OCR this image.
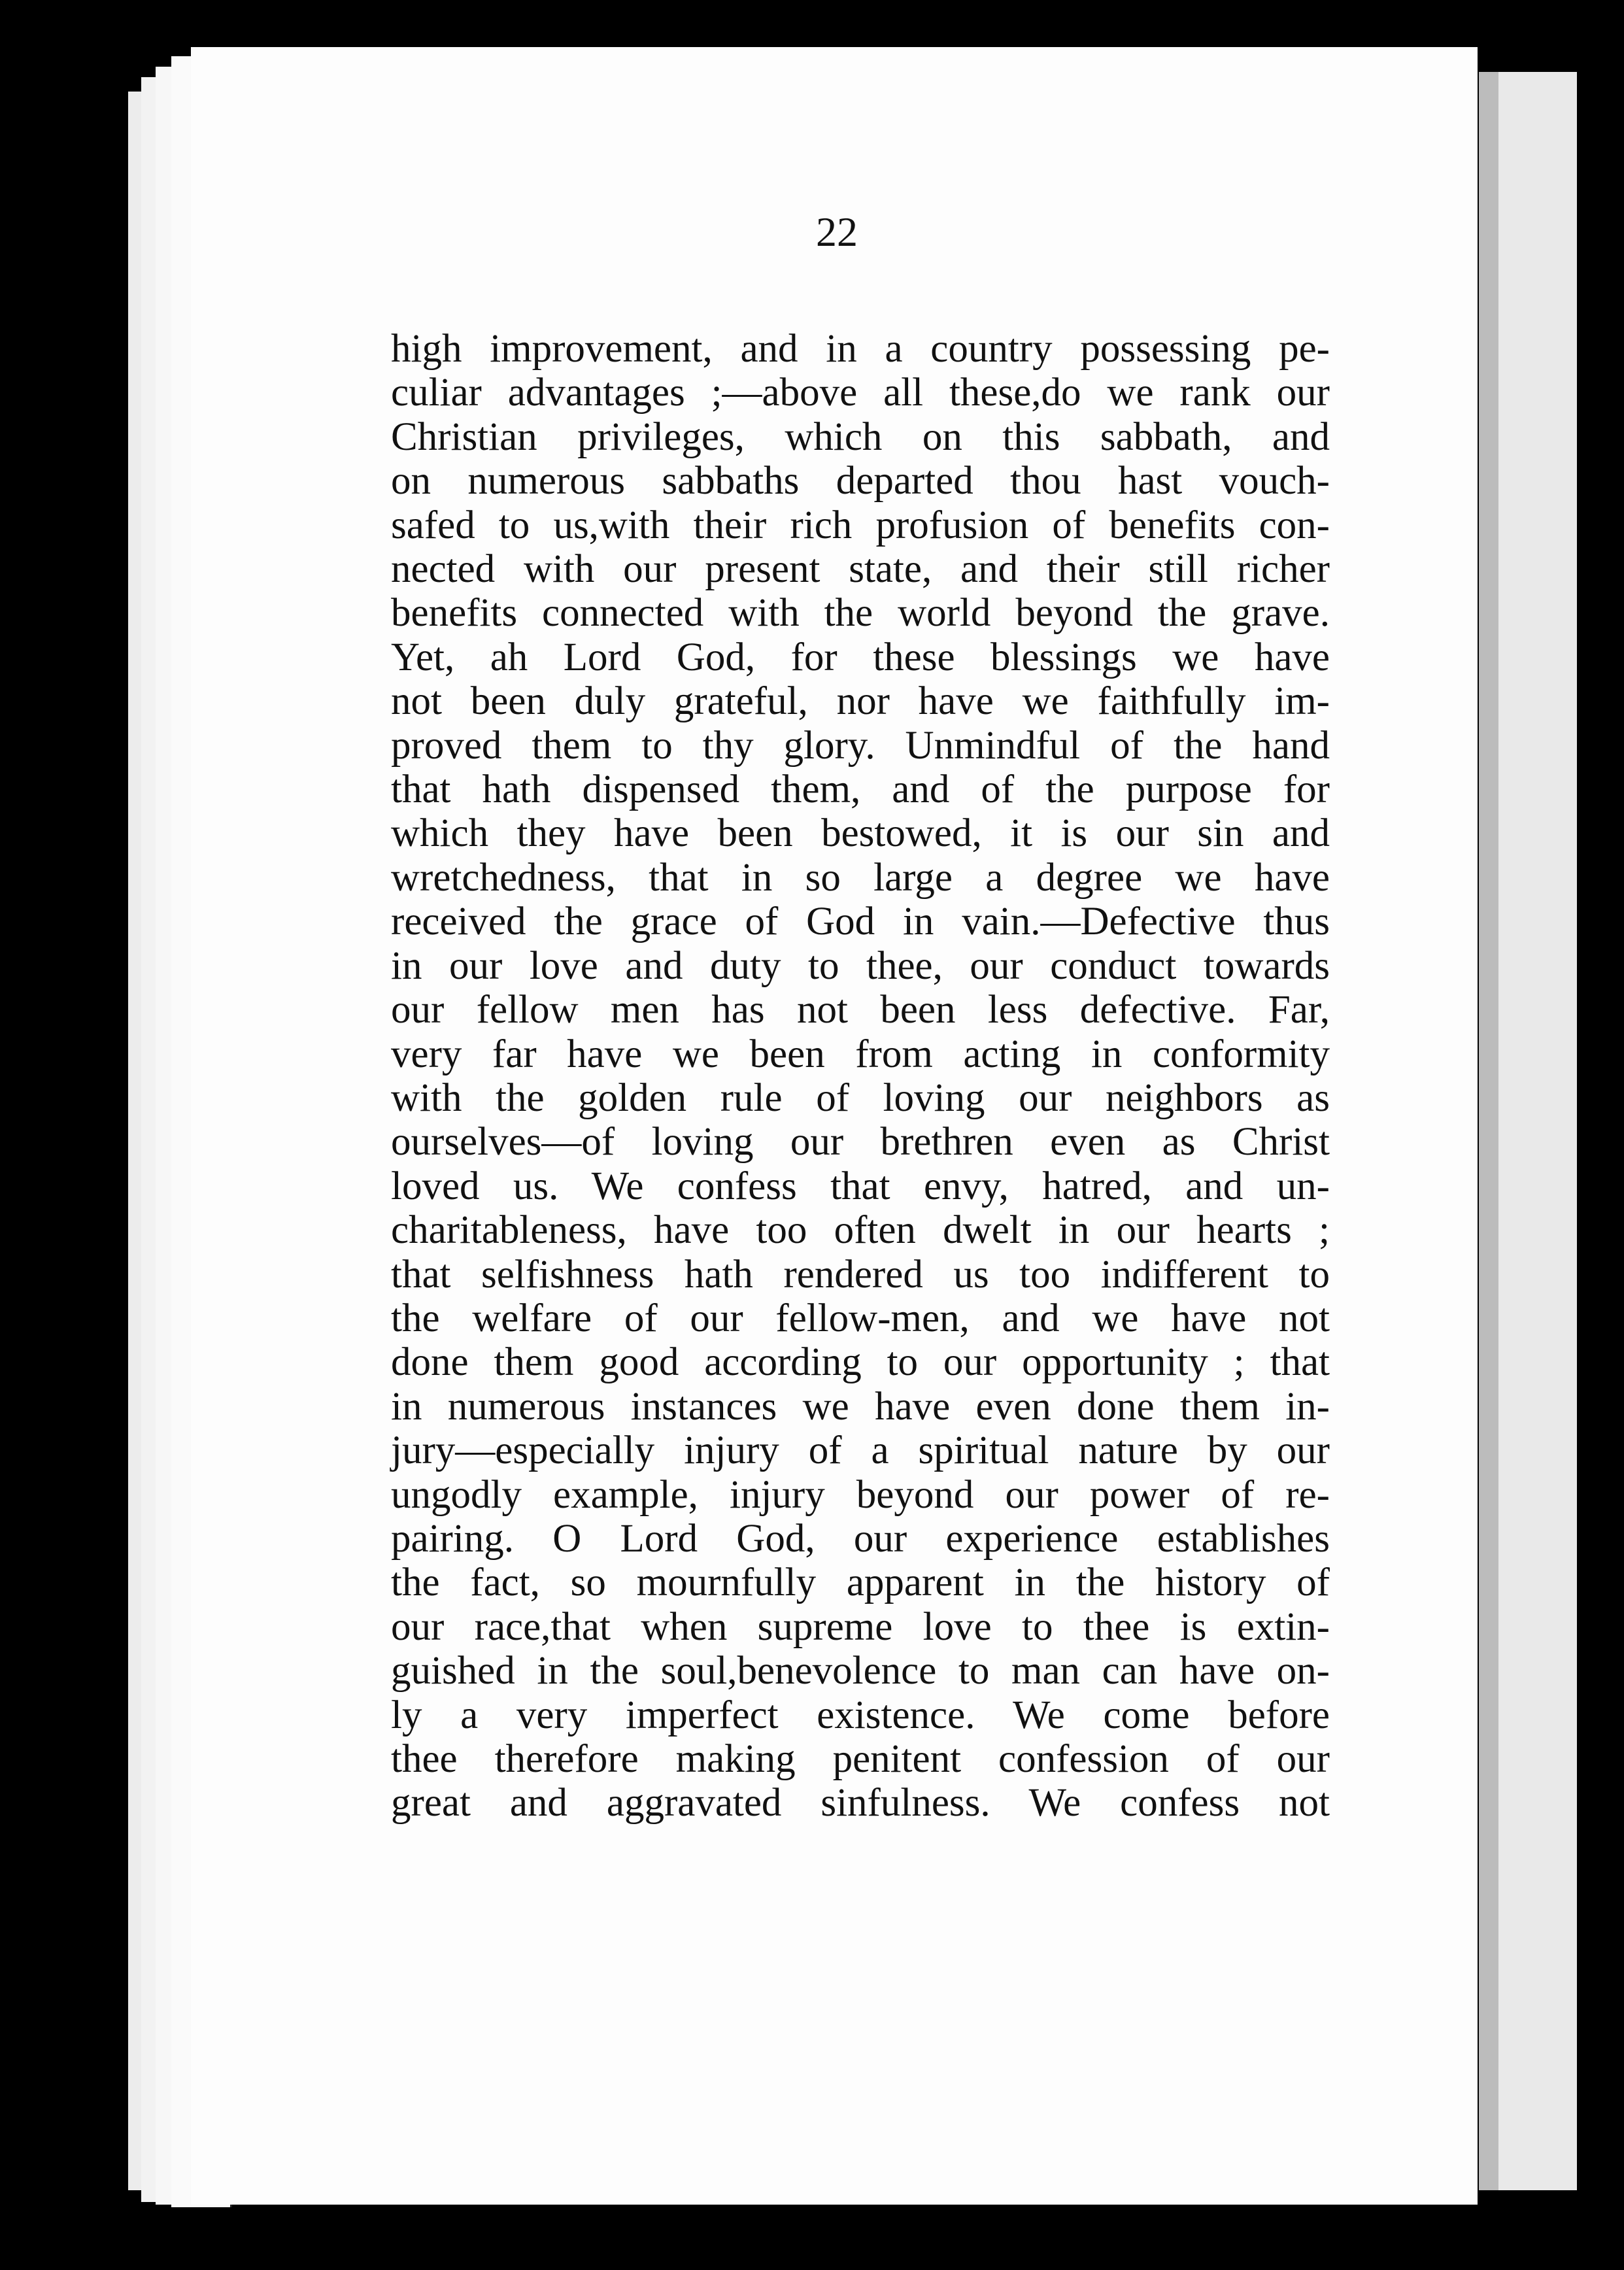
22
high improvement, and in a country possessing pe-
culiar advantages ;—above all these,do we rank our
Christian privileges, which on this sabbath, and
on numerous sabbaths departed thou hast vouch-
safed to us,with their rich profusion of benefits con-
nected with our present state, and their still richer
benefits connected with the world beyond the grave.
Yet, ah Lord God, for these blessings we have
not been duly grateful, nor have we faithfully im-
proved them to thy glory. Unmindful of the hand
that hath dispensed them, and of the purpose for
which they have been bestowed, it is our sin and
wretchedness, that in so large a degree we have
received the grace of God in vain.—Defective thus
in our love and duty to thee, our conduct towards
our fellow men has not been less defective. Far,
very far have we been from acting in conformity
with the golden rule of loving our neighbors as
ourselves—of loving our brethren even as Christ
loved us. We confess that envy, hatred, and un-
charitableness, have too often dwelt in our hearts ;
that selfishness hath rendered us too indifferent to
the welfare of our fellow-men, and we have not
done them good according to our opportunity ; that
in numerous instances we have even done them in-
jury—especially injury of a spiritual nature by our
ungodly example, injury beyond our power of re-
pairing. O Lord God, our experience establishes
the fact, so mournfully apparent in the history of
our race,that when supreme love to thee is extin-
guished in the soul,benevolence to man can have on-
ly a very imperfect existence. We come before
thee therefore making penitent confession of our
great and aggravated sinfulness. We confess not
